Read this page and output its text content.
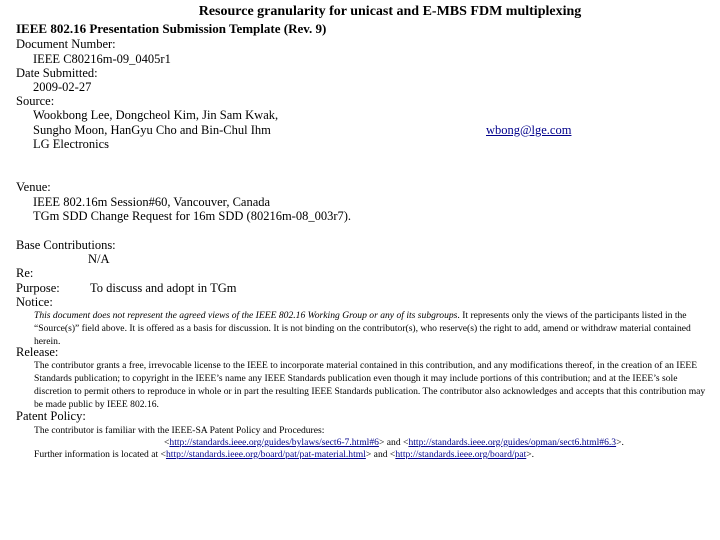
Resource granularity for unicast and E-MBS FDM multiplexing
IEEE 802.16 Presentation Submission Template (Rev. 9)
Document Number:
IEEE C80216m-09_0405r1
Date Submitted:
2009-02-27
Source:
Wookbong Lee, Dongcheol Kim, Jin Sam Kwak,
Sungho Moon, HanGyu Cho and Bin-Chul Ihm	wbong@lge.com
LG Electronics
Venue:
IEEE 802.16m Session#60, Vancouver, Canada
TGm SDD Change Request for 16m SDD (80216m-08_003r7).
Base Contributions:
N/A
Re:
Purpose: To discuss and adopt in TGm
Notice:
This document does not represent the agreed views of the IEEE 802.16 Working Group or any of its subgroups. It represents only the views of the participants listed in the “Source(s)” field above. It is offered as a basis for discussion. It is not binding on the contributor(s), who reserve(s) the right to add, amend or withdraw material contained herein.
Release:
The contributor grants a free, irrevocable license to the IEEE to incorporate material contained in this contribution, and any modifications thereof, in the creation of an IEEE Standards publication; to copyright in the IEEE’s name any IEEE Standards publication even though it may include portions of this contribution; and at the IEEE’s sole discretion to permit others to reproduce in whole or in part the resulting IEEE Standards publication. The contributor also acknowledges and accepts that this contribution may be made public by IEEE 802.16.
Patent Policy:
The contributor is familiar with the IEEE-SA Patent Policy and Procedures:
<http://standards.ieee.org/guides/bylaws/sect6-7.html#6> and <http://standards.ieee.org/guides/opman/sect6.html#6.3>.
Further information is located at <http://standards.ieee.org/board/pat/pat-material.html> and <http://standards.ieee.org/board/pat>.
